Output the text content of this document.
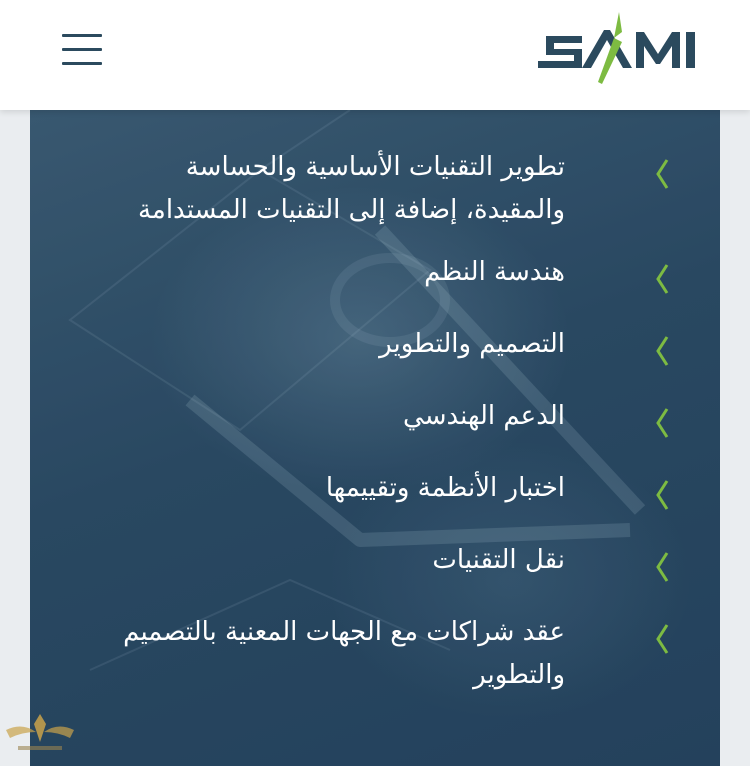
تطوير التقنيات الأساسية والحساسة والمقيدة، إضافة إلى التقنيات المستدامة
هندسة النظم
التصميم والتطوير
الدعم الهندسي
اختبار الأنظمة وتقييمها
نقل التقنيات
عقد شراكات مع الجهات المعنية بالتصميم والتطوير
